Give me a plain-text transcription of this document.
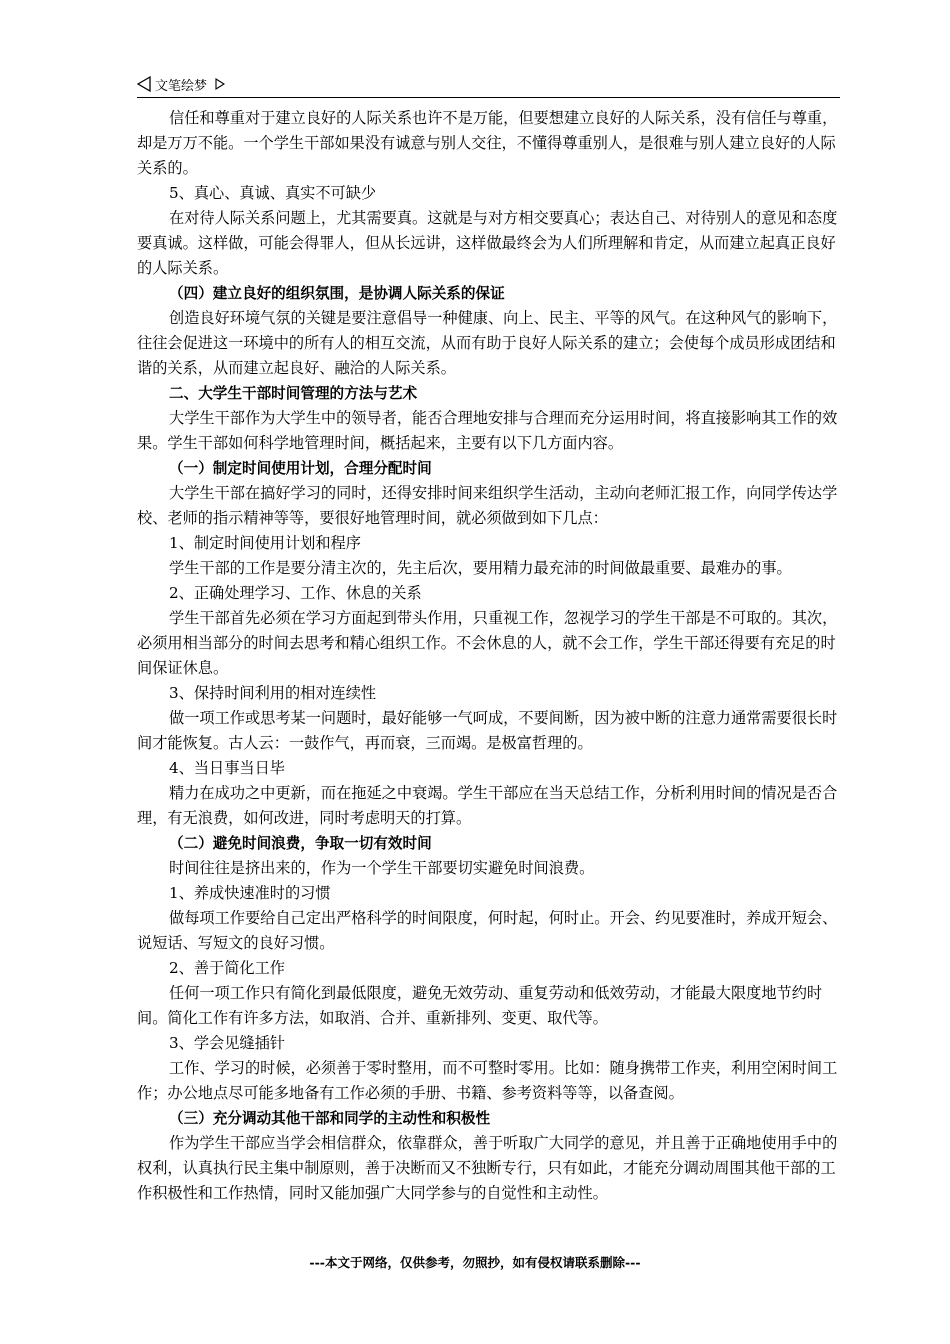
文笔绘梦

信任和尊重对于建立良好的人际关系也许不是万能，但要想建立良好的人际关系，没有信任与尊重，却是万万不能。一个学生干部如果没有诚意与别人交往，不懂得尊重别人，是很难与别人建立良好的人际关系的。

5、真心、真诚、真实不可缺少

在对待人际关系问题上，尤其需要真。这就是与对方相交要真心；表达自己、对待别人的意见和态度要真诚。这样做，可能会得罪人，但从长远讲，这样做最终会为人们所理解和肯定，从而建立起真正良好的人际关系。

（四）建立良好的组织氛围，是协调人际关系的保证

创造良好环境气氛的关键是要注意倡导一种健康、向上、民主、平等的风气。在这种风气的影响下，往往会促进这一环境中的所有人的相互交流，从而有助于良好人际关系的建立；会使每个成员形成团结和谐的关系，从而建立起良好、融洽的人际关系。

二、大学生干部时间管理的方法与艺术

大学生干部作为大学生中的领导者，能否合理地安排与合理而充分运用时间，将直接影响其工作的效果。学生干部如何科学地管理时间，概括起来，主要有以下几方面内容。

（一）制定时间使用计划，合理分配时间

大学生干部在搞好学习的同时，还得安排时间来组织学生活动，主动向老师汇报工作，向同学传达学校、老师的指示精神等等，要很好地管理时间，就必须做到如下几点：

1、制定时间使用计划和程序

学生干部的工作是要分清主次的，先主后次，要用精力最充沛的时间做最重要、最难办的事。

2、正确处理学习、工作、休息的关系

学生干部首先必须在学习方面起到带头作用，只重视工作，忽视学习的学生干部是不可取的。其次，必须用相当部分的时间去思考和精心组织工作。不会休息的人，就不会工作，学生干部还得要有充足的时间保证休息。

3、保持时间利用的相对连续性

做一项工作或思考某一问题时，最好能够一气呵成，不要间断，因为被中断的注意力通常需要很长时间才能恢复。古人云：一鼓作气，再而衰，三而竭。是极富哲理的。

4、当日事当日毕

精力在成功之中更新，而在拖延之中衰竭。学生干部应在当天总结工作，分析利用时间的情况是否合理，有无浪费，如何改进，同时考虑明天的打算。

（二）避免时间浪费，争取一切有效时间

时间往往是挤出来的，作为一个学生干部要切实避免时间浪费。

1、养成快速准时的习惯

做每项工作要给自己定出严格科学的时间限度，何时起，何时止。开会、约见要准时，养成开短会、说短话、写短文的良好习惯。

2、善于简化工作

任何一项工作只有简化到最低限度，避免无效劳动、重复劳动和低效劳动，才能最大限度地节约时间。简化工作有许多方法，如取消、合并、重新排列、变更、取代等。

3、学会见缝插针

工作、学习的时候，必须善于零时整用，而不可整时零用。比如：随身携带工作夹，利用空闲时间工作；办公地点尽可能多地备有工作必须的手册、书籍、参考资料等等，以备查阅。

（三）充分调动其他干部和同学的主动性和积极性

作为学生干部应当学会相信群众，依靠群众，善于听取广大同学的意见，并且善于正确地使用手中的权利，认真执行民主集中制原则，善于决断而又不独断专行，只有如此，才能充分调动周围其他干部的工作积极性和工作热情，同时又能加强广大同学参与的自觉性和主动性。

---本文于网络，仅供参考，勿照抄，如有侵权请联系删除---
